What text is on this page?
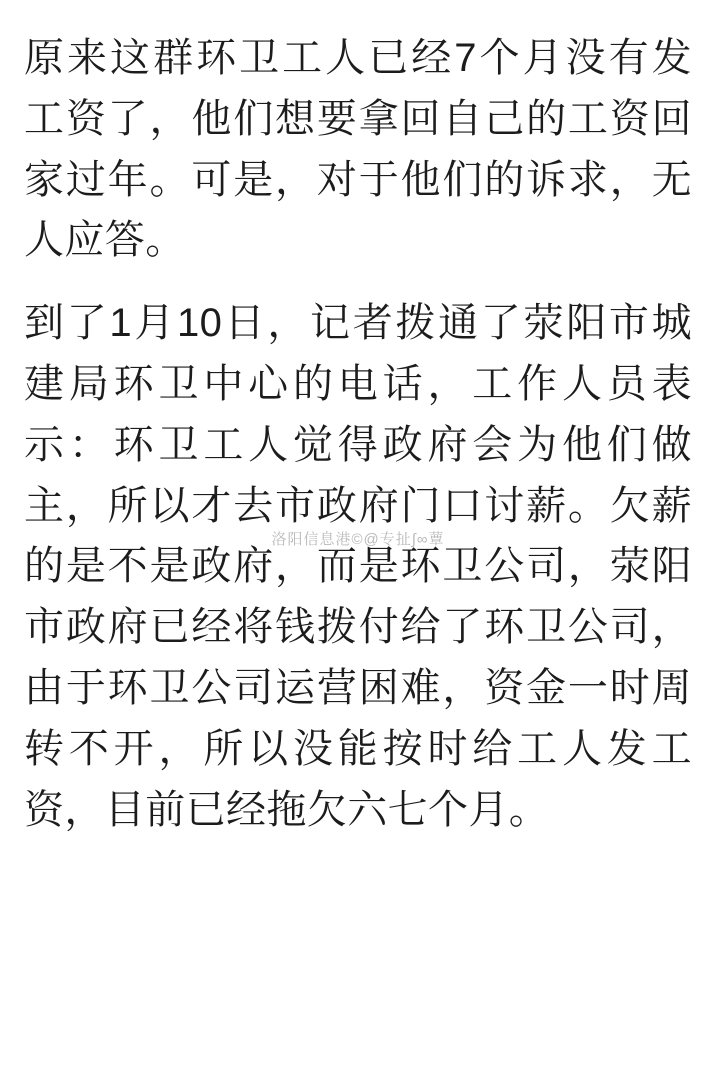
原来这群环卫工人已经7个月没有发工资了，他们想要拿回自己的工资回家过年。可是，对于他们的诉求，无人应答。

到了1月10日，记者拨通了荥阳市城建局环卫中心的电话，工作人员表示：环卫工人觉得政府会为他们做主，所以才去市政府门口讨薪。欠薪的是不是政府，而是环卫公司，荥阳市政府已经将钱拨付给了环卫公司，由于环卫公司运营困难，资金一时周转不开，所以没能按时给工人发工资，目前已经拖欠六七个月。

洛阳信息港©@专扯∫∞蕈
